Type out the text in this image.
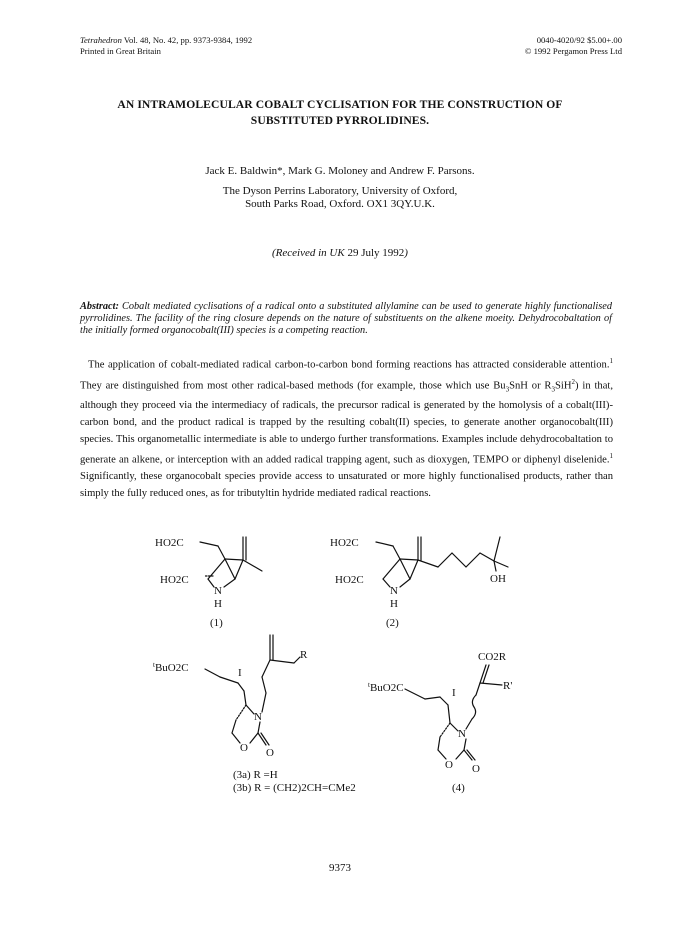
Tetrahedron Vol. 48, No. 42, pp. 9373-9384, 1992
Printed in Great Britain
0040-4020/92 $5.00+.00
© 1992 Pergamon Press Ltd
AN INTRAMOLECULAR COBALT CYCLISATION FOR THE CONSTRUCTION OF
SUBSTITUTED PYRROLIDINES.
Jack E. Baldwin*, Mark G. Moloney and Andrew F. Parsons.
The Dyson Perrins Laboratory, University of Oxford,
South Parks Road, Oxford. OX1 3QY.U.K.
(Received in UK 29 July 1992)
Abstract: Cobalt mediated cyclisations of a radical onto a substituted allylamine can be used to generate highly functionalised pyrrolidines. The facility of the ring closure depends on the nature of substituents on the alkene moeity. Dehydrocobaltation of the initially formed organocobalt(III) species is a competing reaction.

The application of cobalt-mediated radical carbon-to-carbon bond forming reactions has attracted considerable attention.$^1$ They are distinguished from most other radical-based methods (for example, those which use $Bu_3SnH$ or $R_3SiH^2$) in that, although they proceed via the intermediacy of radicals, the precursor radical is generated by the homolysis of a cobalt(III)-carbon bond, and the product radical is trapped by the resulting cobalt(II) species, to generate another organocobalt(III) species. This organometallic intermediate is able to undergo further transformations. Examples include dehydrocobaltation to generate an alkene, or interception with an added radical trapping agent, such as dioxygen, TEMPO or diphenyl diselenide.$^1$ Significantly, these organocobalt species provide access to unsaturated or more highly functionalised products, rather than simply the fully reduced ones, as for tributyltin hydride mediated radical reactions.

HO2C
HO2C
N
H
(1)
HO2C
HO2C
N
H
OH
(2)
$^t$BuO2C	I
R
N
O O
(3a) R =H
(3b) R = (CH2)2CH=CMe2
$^t$BuO2C	I
CO2R
R'
N
O O
(4)
9373
